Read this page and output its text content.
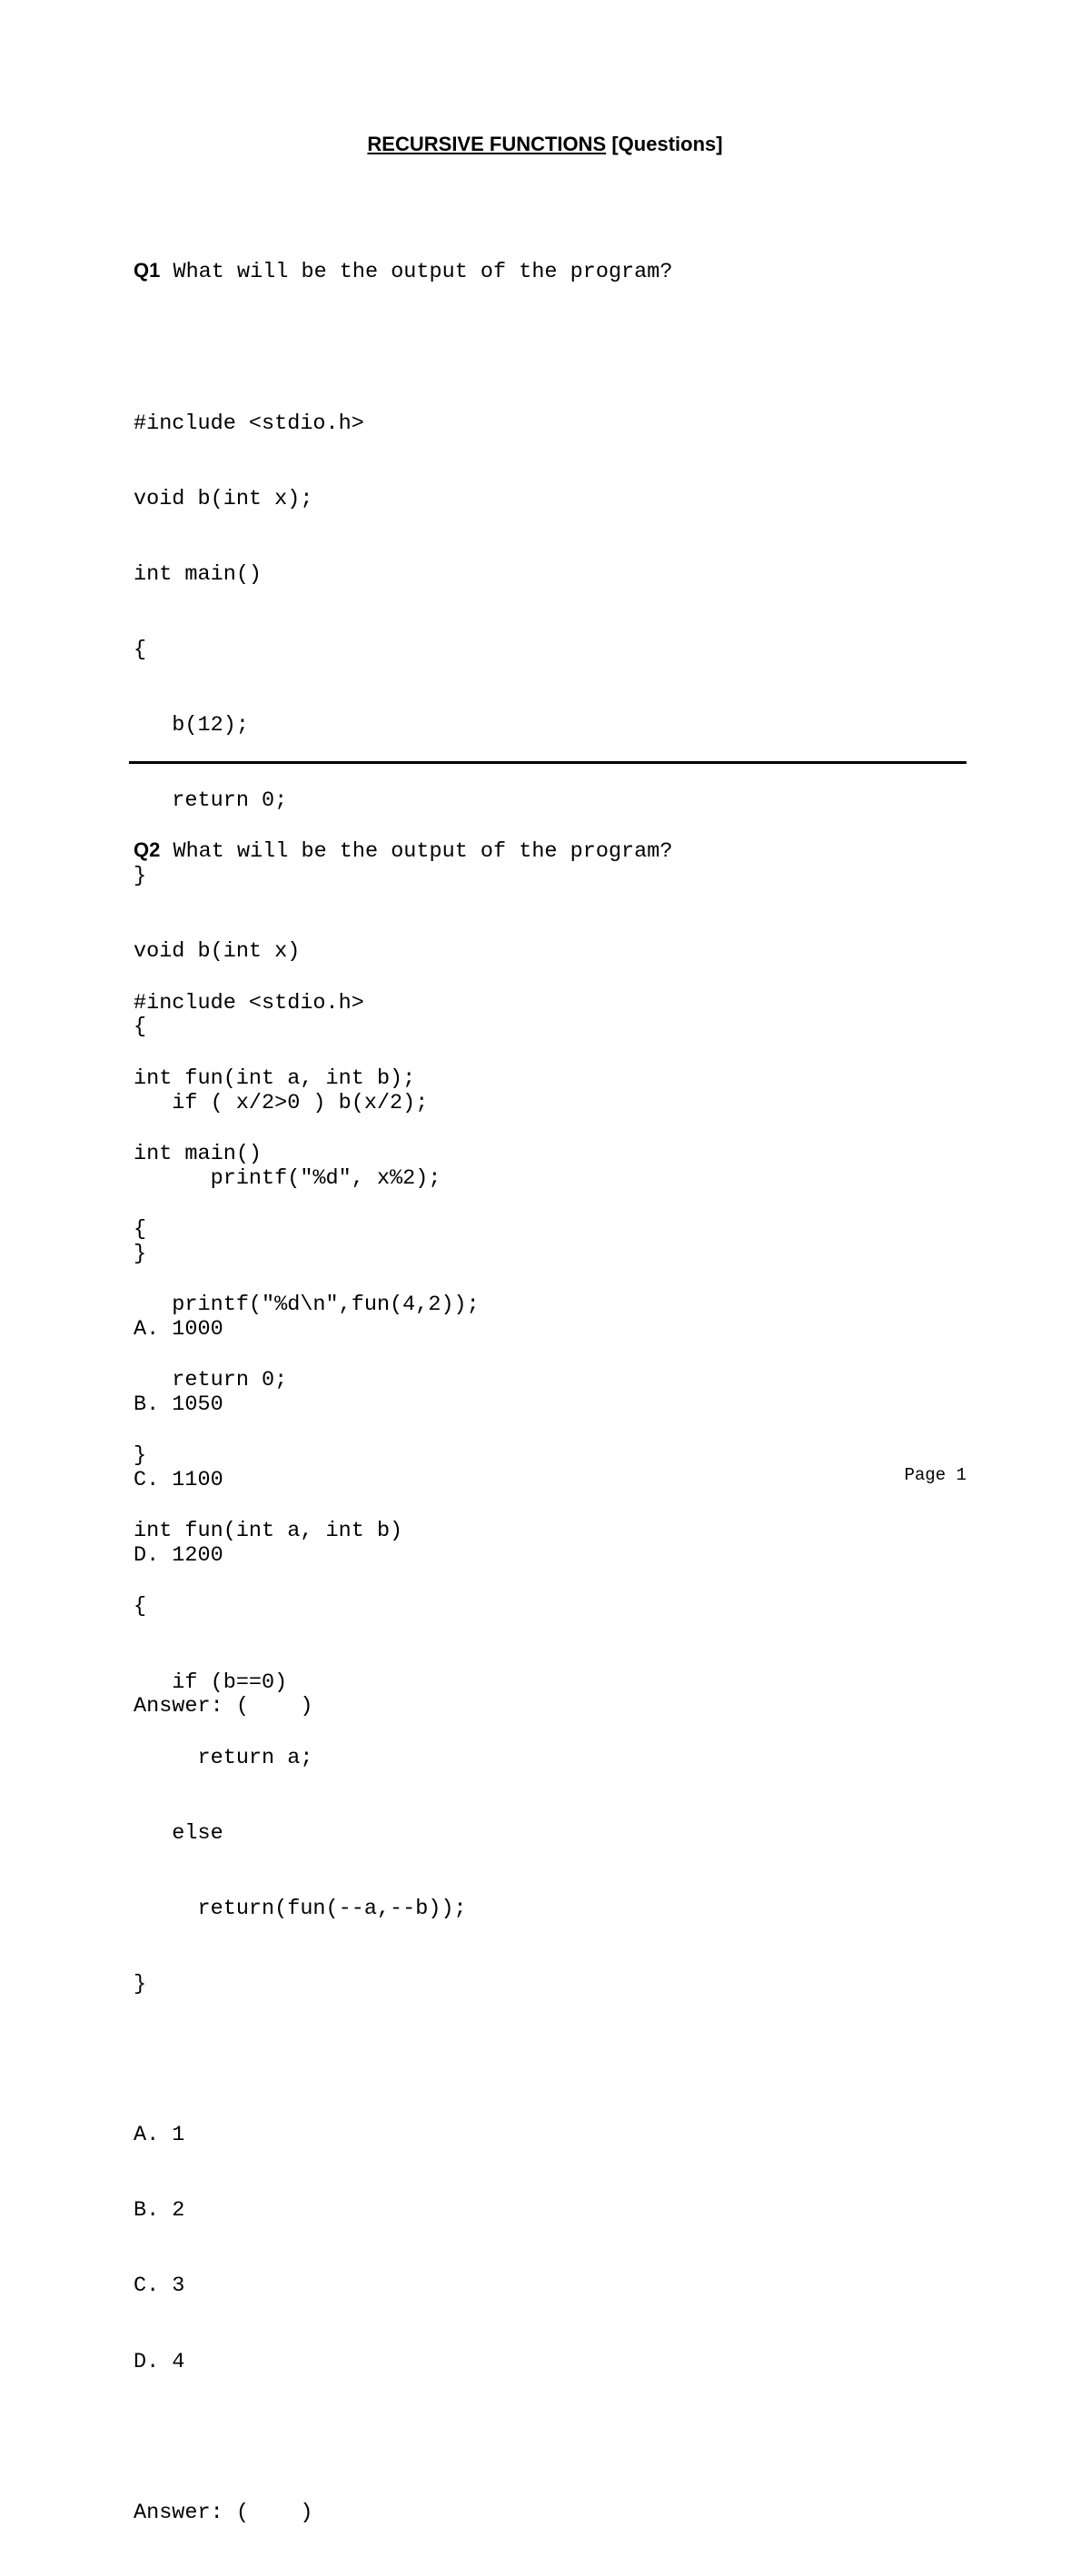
RECURSIVE FUNCTIONS [Questions]

Q1 What will be the output of the program?

#include <stdio.h>

void b(int x);

int main()

{

b(12);

return 0;

}

void b(int x)

{

if ( x/2>0 ) b(x/2);

printf("%d", x%2);

}

A. 1000

B. 1050

C. 1100

D. 1200

Answer: (    )

Q2 What will be the output of the program?

#include <stdio.h>

int fun(int a, int b);

int main()

{

printf("%d\n",fun(4,2));

return 0;

}

int fun(int a, int b)

{

if (b==0)

return a;

else

return(fun(--a,--b));

}

A. 1

B. 2

C. 3

D. 4

Answer: (    )

Page 1
